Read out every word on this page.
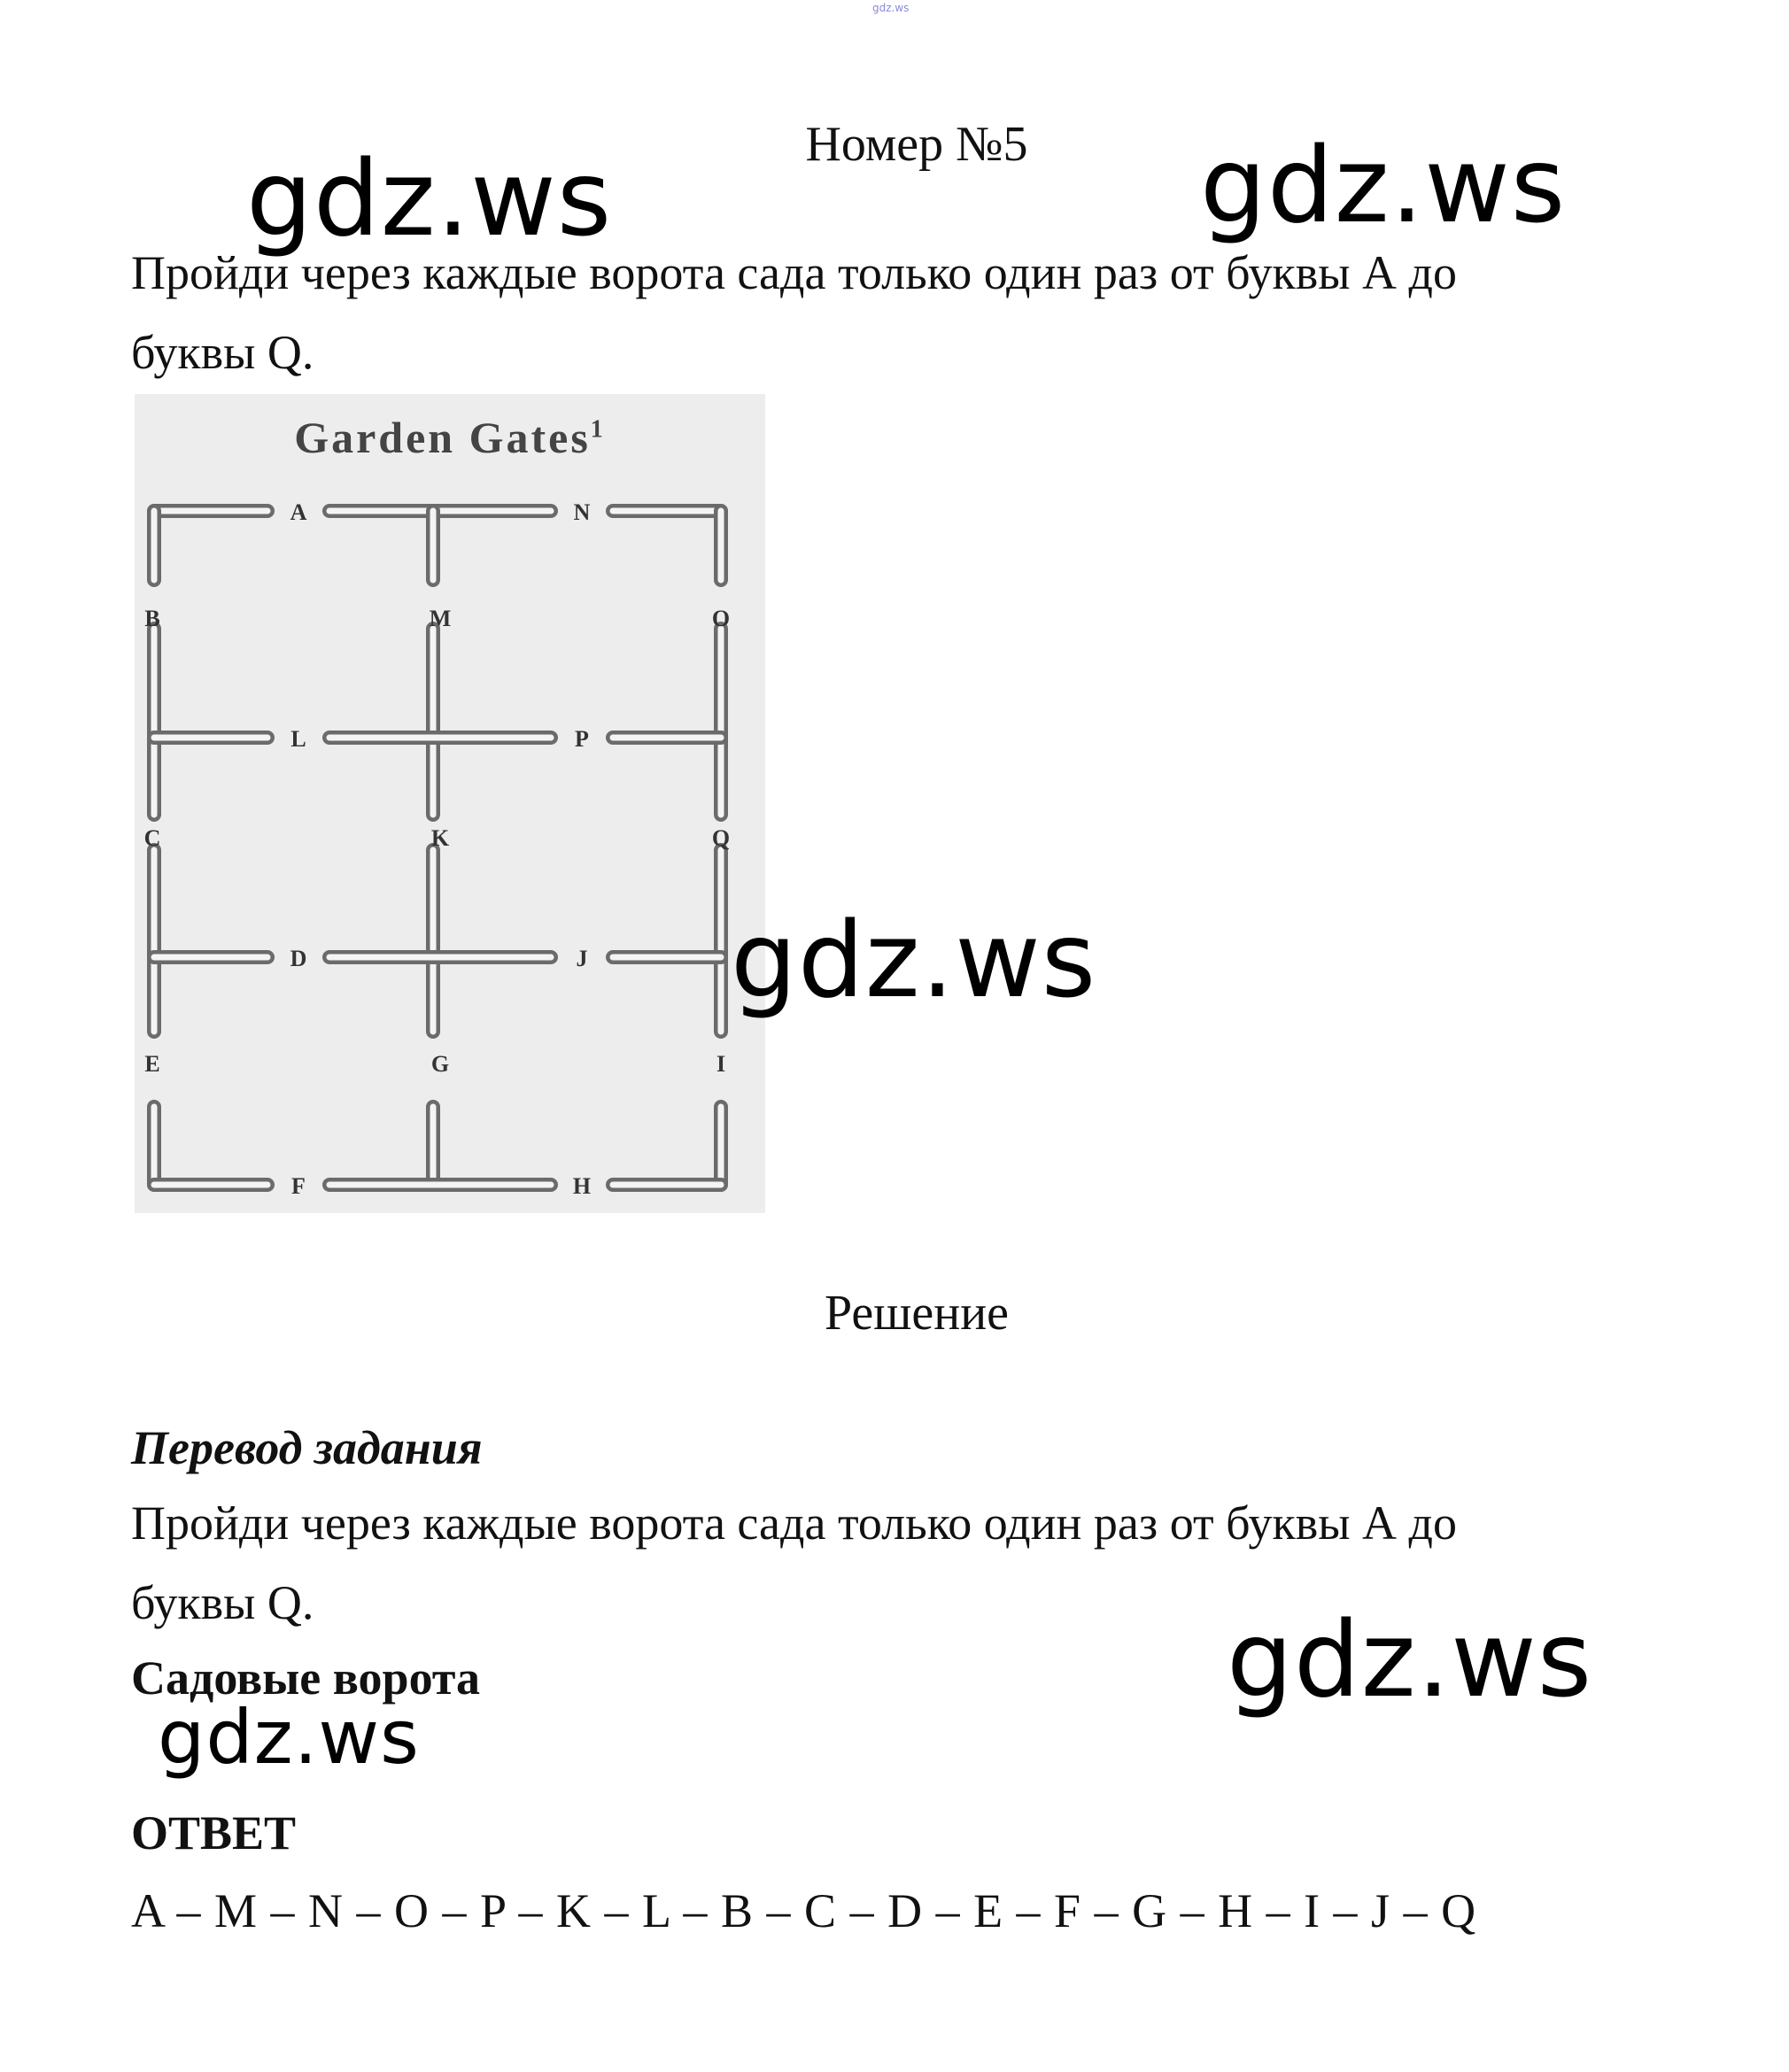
gdz.ws
Номер №5
Пройди через каждые ворота сада только один раз от буквы А до
буквы Q.
Garden Gates$^1$
A	N
B	M	O
L	P
C	K	Q
D	J
E	G	I
F	H
Решение
Перевод задания
Пройди через каждые ворота сада только один раз от буквы А до
буквы Q.
Садовые ворота
ОТВЕТ
A – M – N – O – P – K – L – B – C – D – E – F – G – H – I – J – Q
gdz.ws	gdz.ws
gdz.ws
gdz.ws
gdz.ws
